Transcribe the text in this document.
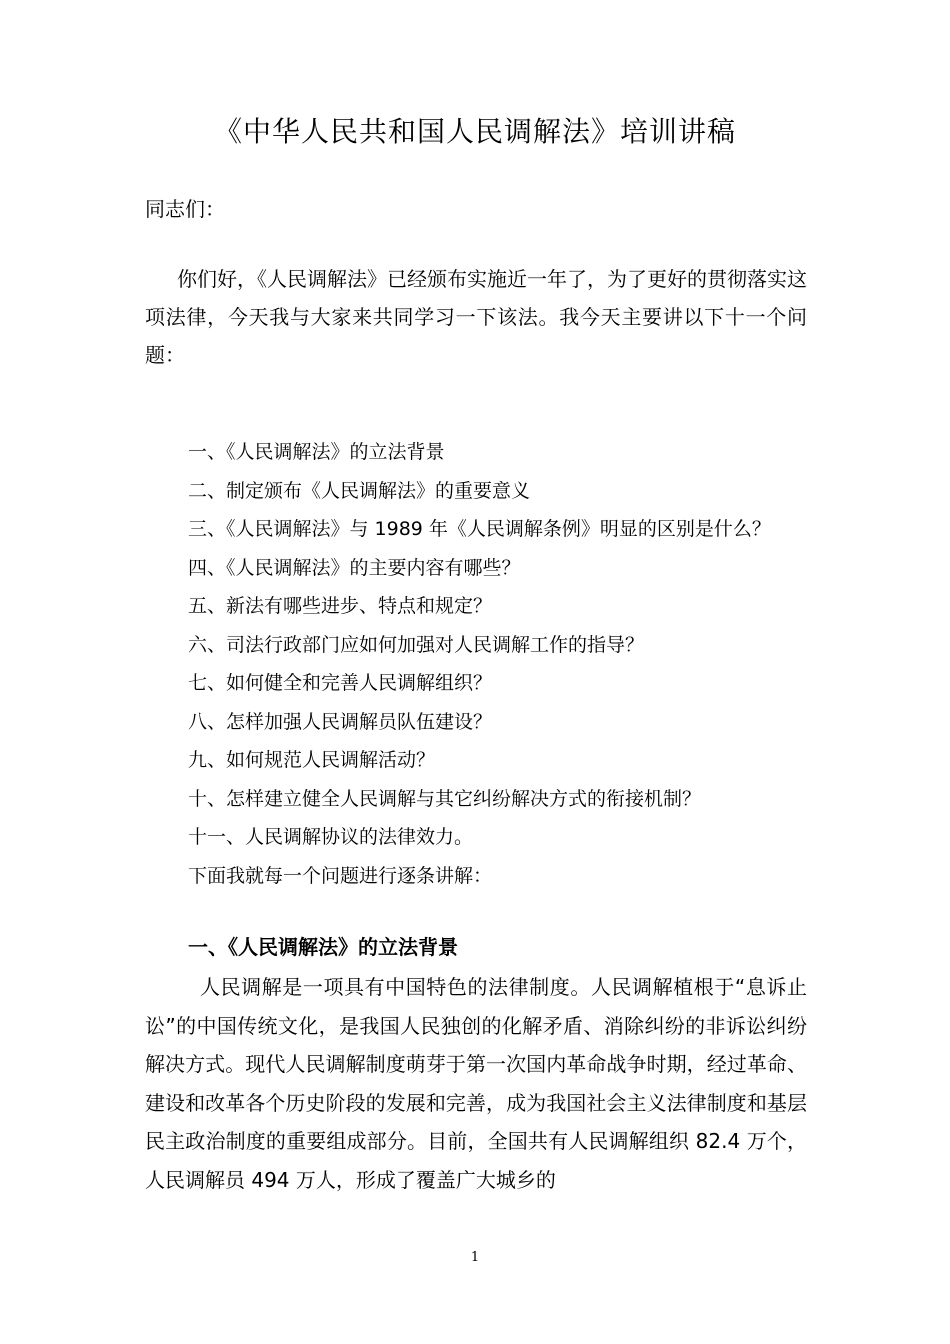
《中华人民共和国人民调解法》培训讲稿
同志们：
你们好，《人民调解法》已经颁布实施近一年了，为了更好的贯彻落实这项法律，今天我与大家来共同学习一下该法。我今天主要讲以下十一个问题：
一、《人民调解法》的立法背景
二、制定颁布《人民调解法》的重要意义
三、《人民调解法》与 1989 年《人民调解条例》明显的区别是什么？
四、《人民调解法》的主要内容有哪些？
五、新法有哪些进步、特点和规定？
六、司法行政部门应如何加强对人民调解工作的指导？
七、如何健全和完善人民调解组织？
八、怎样加强人民调解员队伍建设？
九、如何规范人民调解活动？
十、怎样建立健全人民调解与其它纠纷解决方式的衔接机制？
十一、人民调解协议的法律效力。
下面我就每一个问题进行逐条讲解：
一、《人民调解法》的立法背景
人民调解是一项具有中国特色的法律制度。人民调解植根于“息诉止讼”的中国传统文化，是我国人民独创的化解矛盾、消除纠纷的非诉讼纠纷解决方式。现代人民调解制度萌芽于第一次国内革命战争时期，经过革命、建设和改革各个历史阶段的发展和完善，成为我国社会主义法律制度和基层民主政治制度的重要组成部分。目前，全国共有人民调解组织 82.4 万个，人民调解员 494 万人，形成了覆盖广大城乡的
1
